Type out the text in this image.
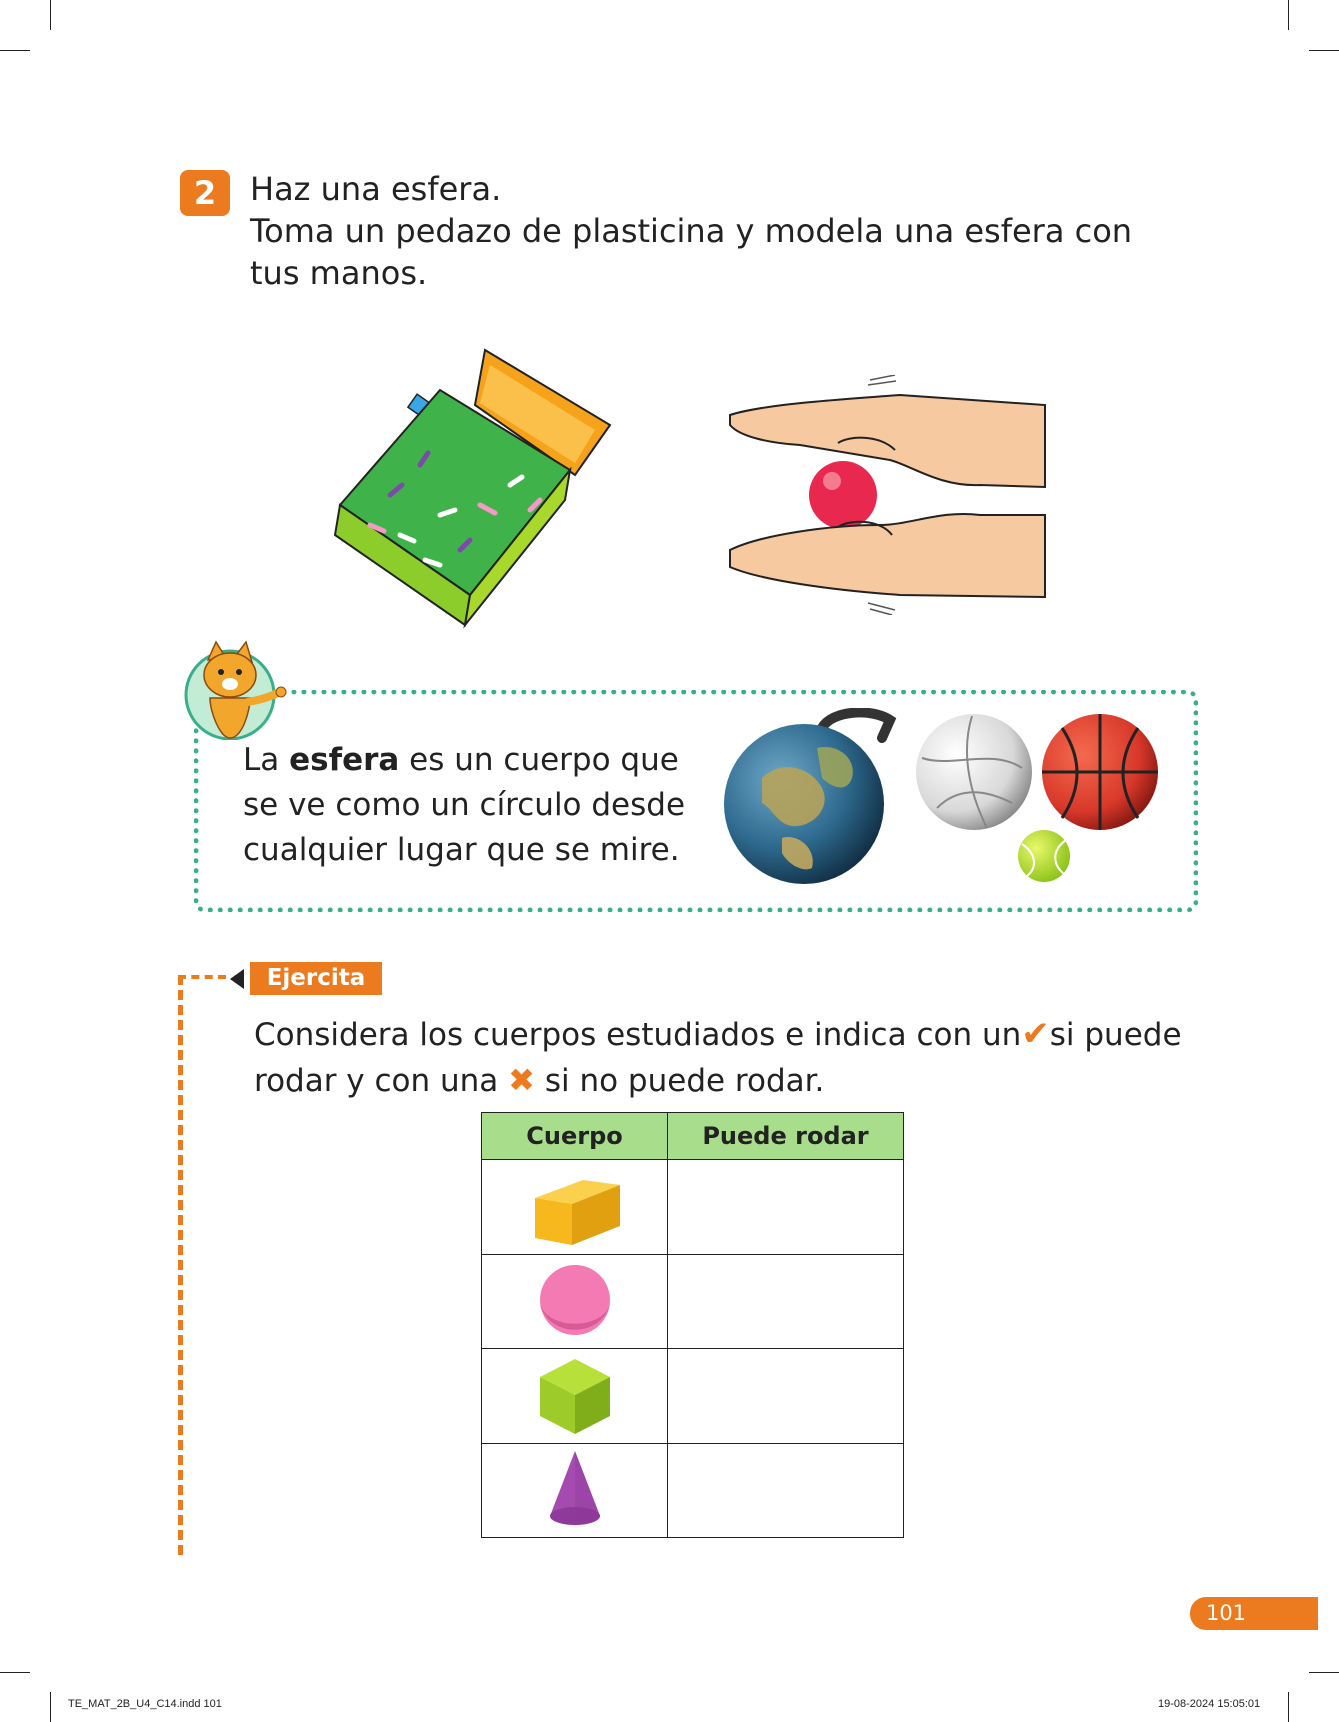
2	Haz una esfera.
Toma un pedazo de plasticina y modela una esfera con
tus manos.
La esfera es un cuerpo que
se ve como un círculo desde
cualquier lugar que se mire.
Ejercita
Considera los cuerpos estudiados e indica con un✔si puede
rodar y con una ✖ si no puede rodar.
Cuerpo	Puede rodar

101
TE_MAT_2B_U4_C14.indd 101	19-08-2024 15:05:01
